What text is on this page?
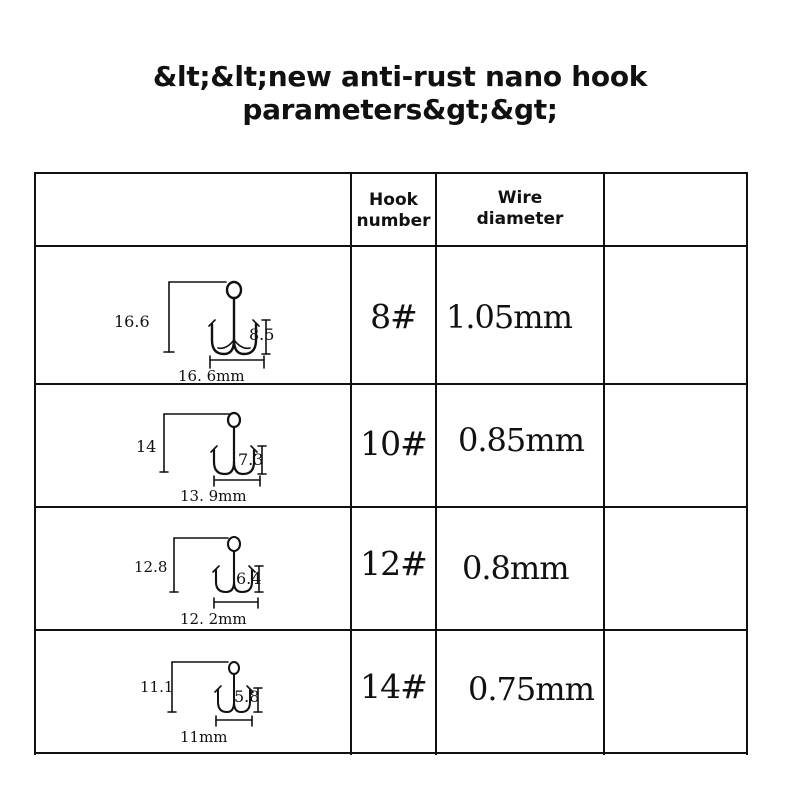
&lt;&lt;new anti-rust nano hook parameters&gt;&gt;
Hook
number
Wire
diameter
16.6
8.5
16. 6mm
8# 1.05mm
14
7.3
13. 9mm
10# 0.85mm
12.8
6.4
12. 2mm
12# 0.8mm
11.1	5.8
11mm
14# 0.75mm
